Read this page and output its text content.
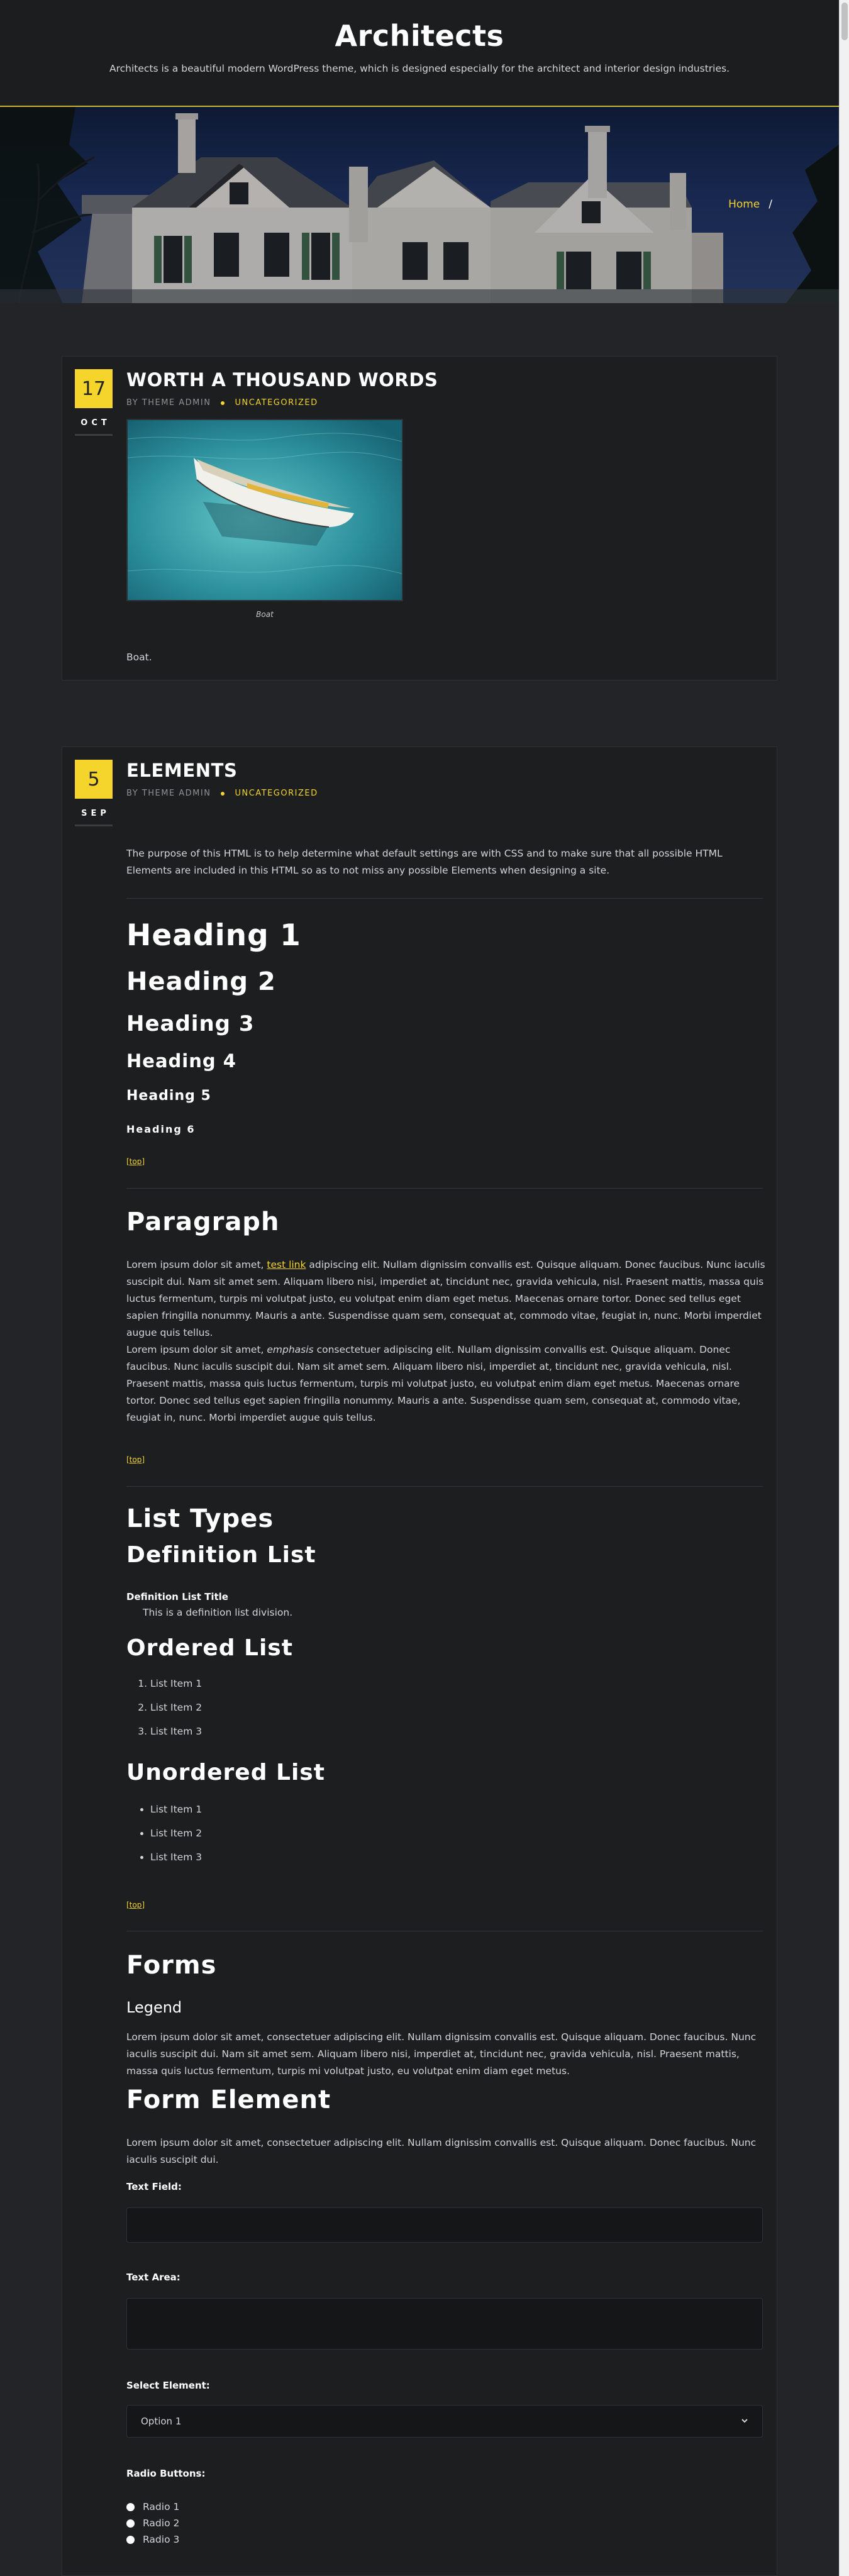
Architects
Architects is a beautiful modern WordPress theme, which is designed especially for the architect and interior design industries.
Home /
17
OCT
WORTH A THOUSAND WORDS
BY THEME ADMIN	UNCATEGORIZED
Boat
Boat.
5
SEP
ELEMENTS
BY THEME ADMIN	UNCATEGORIZED
The purpose of this HTML is to help determine what default settings are with CSS and to make sure that all possible HTML Elements are included in this HTML so as to not miss any possible Elements when designing a site.
Heading 1
Heading 2
Heading 3
Heading 4
Heading 5
Heading 6
[top]
Paragraph

Lorem ipsum dolor sit amet, test link adipiscing elit. Nullam dignissim convallis est. Quisque aliquam. Donec faucibus. Nunc iaculis suscipit dui. Nam sit amet sem. Aliquam libero nisi, imperdiet at, tincidunt nec, gravida vehicula, nisl. Praesent mattis, massa quis luctus fermentum, turpis mi volutpat justo, eu volutpat enim diam eget metus. Maecenas ornare tortor. Donec sed tellus eget sapien fringilla nonummy. Mauris a ante. Suspendisse quam sem, consequat at, commodo vitae, feugiat in, nunc. Morbi imperdiet augue quis tellus.

Lorem ipsum dolor sit amet, emphasis consectetuer adipiscing elit. Nullam dignissim convallis est. Quisque aliquam. Donec faucibus. Nunc iaculis suscipit dui. Nam sit amet sem. Aliquam libero nisi, imperdiet at, tincidunt nec, gravida vehicula, nisl. Praesent mattis, massa quis luctus fermentum, turpis mi volutpat justo, eu volutpat enim diam eget metus. Maecenas ornare tortor. Donec sed tellus eget sapien fringilla nonummy. Mauris a ante. Suspendisse quam sem, consequat at, commodo vitae, feugiat in, nunc. Morbi imperdiet augue quis tellus.

[top]
List Types
Definition List
Definition List Title
This is a definition list division.
Ordered List
1. List Item 1
2. List Item 2
3. List Item 3
Unordered List
• List Item 1
• List Item 2
• List Item 3
[top]
Forms
Legend

Lorem ipsum dolor sit amet, consectetuer adipiscing elit. Nullam dignissim convallis est. Quisque aliquam. Donec faucibus. Nunc iaculis suscipit dui. Nam sit amet sem. Aliquam libero nisi, imperdiet at, tincidunt nec, gravida vehicula, nisl. Praesent mattis, massa quis luctus fermentum, turpis mi volutpat justo, eu volutpat enim diam eget metus.

Form Element

Lorem ipsum dolor sit amet, consectetuer adipiscing elit. Nullam dignissim convallis est. Quisque aliquam. Donec faucibus. Nunc iaculis suscipit dui.

Text Field:
Text Area:
Select Element:
Option 1
Radio Buttons:
Radio 1
Radio 2
Radio 3
